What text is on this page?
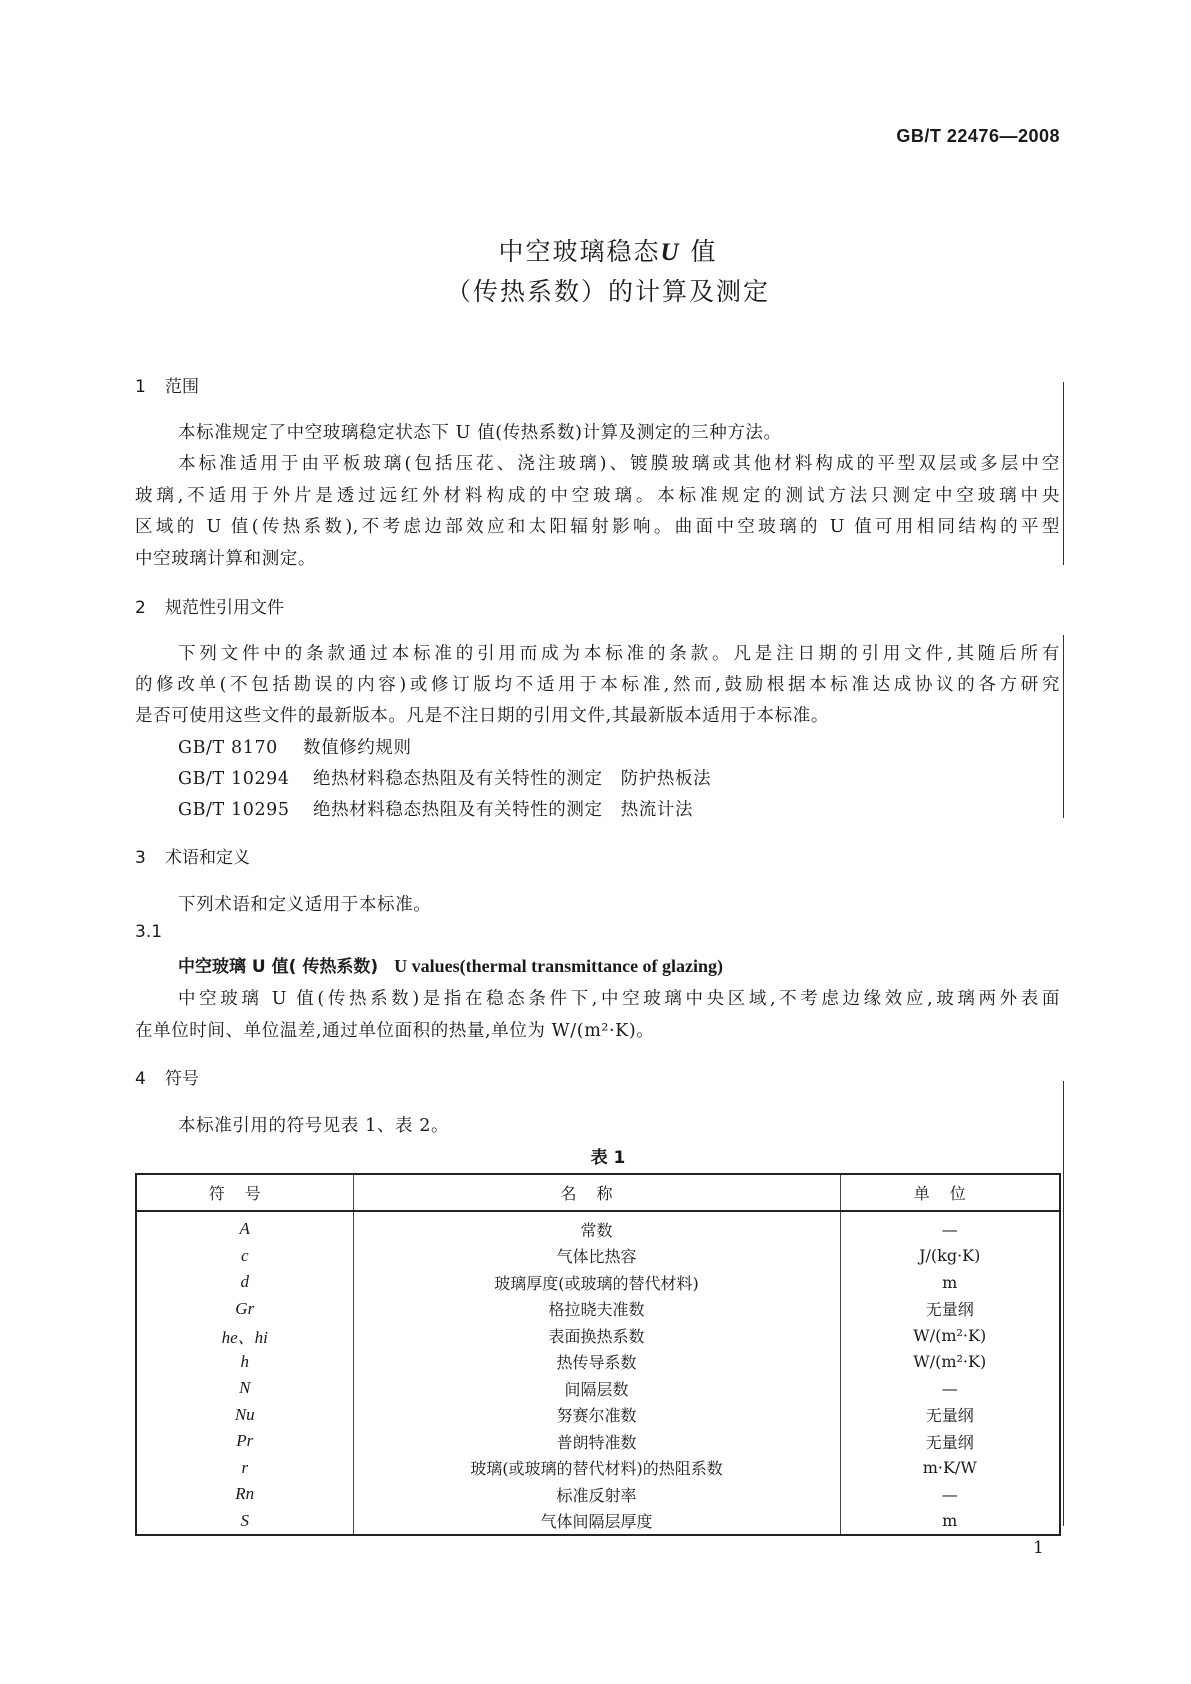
GB/T 22476—2008
中空玻璃稳态U 值
（传热系数）的计算及测定
1 范围
本标准规定了中空玻璃稳定状态下 U 值(传热系数)计算及测定的三种方法。
本标准适用于由平板玻璃(包括压花、浇注玻璃)、镀膜玻璃或其他材料构成的平型双层或多层中空
玻璃,不适用于外片是透过远红外材料构成的中空玻璃。本标准规定的测试方法只测定中空玻璃中央
区域的 U 值(传热系数),不考虑边部效应和太阳辐射影响。曲面中空玻璃的 U 值可用相同结构的平型
中空玻璃计算和测定。
2 规范性引用文件
下列文件中的条款通过本标准的引用而成为本标准的条款。凡是注日期的引用文件,其随后所有
的修改单(不包括勘误的内容)或修订版均不适用于本标准,然而,鼓励根据本标准达成协议的各方研究
是否可使用这些文件的最新版本。凡是不注日期的引用文件,其最新版本适用于本标准。
GB/T 8170 数值修约规则
GB/T 10294 绝热材料稳态热阻及有关特性的测定　防护热板法
GB/T 10295 绝热材料稳态热阻及有关特性的测定　热流计法
3 术语和定义
下列术语和定义适用于本标准。
3.1
中空玻璃 U 值( 传热系数)  U values(thermal transmittance of glazing)
中空玻璃 U 值(传热系数)是指在稳态条件下,中空玻璃中央区域,不考虑边缘效应,玻璃两外表面
在单位时间、单位温差,通过单位面积的热量,单位为 W/(m²·K)。
4 符号
本标准引用的符号见表 1、表 2。
表 1
符号	名称	单位
A	常数	—
c	气体比热容	J/(kg·K)
d	玻璃厚度(或玻璃的替代材料)	m
Gr	格拉晓夫准数	无量纲
he、hi	表面换热系数	W/(m²·K)
h	热传导系数	W/(m²·K)
N	间隔层数	—
Nu	努赛尔准数	无量纲
Pr	普朗特准数	无量纲
r	玻璃(或玻璃的替代材料)的热阻系数	m·K/W
Rn	标准反射率	—
S	气体间隔层厚度	m
1
